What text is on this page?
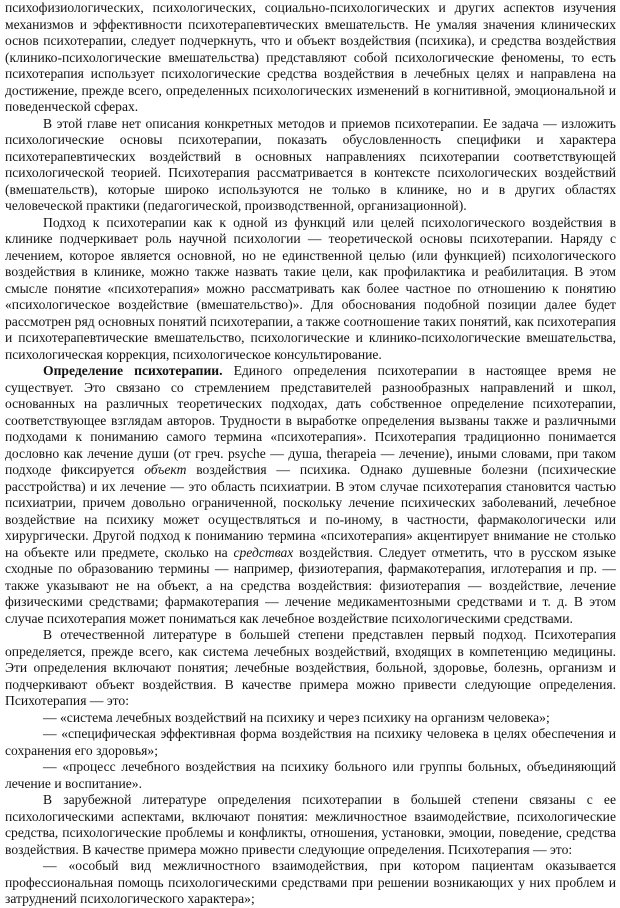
психофизиологических, психологических, социально-психологических и других аспектов изучения механизмов и эффективности психотерапевтических вмешательств. Не умаляя значения клинических основ психотерапии, следует подчеркнуть, что и объект воздействия (психика), и средства воздействия (клинико-психологические вмешательства) представляют собой психологические феномены, то есть психотерапия использует психологические средства воздействия в лечебных целях и направлена на достижение, прежде всего, определенных психологических изменений в когнитивной, эмоциональной и поведенческой сферах.

В этой главе нет описания конкретных методов и приемов психотерапии. Ее задача — изложить психологические основы психотерапии, показать обусловленность специфики и характера психотерапевтических воздействий в основных направлениях психотерапии соответствующей психологической теорией. Психотерапия рассматривается в контексте психологических воздействий (вмешательств), которые широко используются не только в клинике, но и в других областях человеческой практики (педагогической, производственной, организационной).

Подход к психотерапии как к одной из функций или целей психологического воздействия в клинике подчеркивает роль научной психологии — теоретической основы психотерапии. Наряду с лечением, которое является основной, но не единственной целью (или функцией) психологического воздействия в клинике, можно также назвать такие цели, как профилактика и реабилитация. В этом смысле понятие «психотерапия» можно рассматривать как более частное по отношению к понятию «психологическое воздействие (вмешательство)». Для обоснования подобной позиции далее будет рассмотрен ряд основных понятий психотерапии, а также соотношение таких понятий, как психотерапия и психотерапевтические вмешательство, психологические и клинико-психологические вмешательства, психологическая коррекция, психологическое консультирование.

Определение психотерапии. Единого определения психотерапии в настоящее время не существует. Это связано со стремлением представителей разнообразных направлений и школ, основанных на различных теоретических подходах, дать собственное определение психотерапии, соответствующее взглядам авторов. Трудности в выработке определения вызваны также и различными подходами к пониманию самого термина «психотерапия». Психотерапия традиционно понимается дословно как лечение души (от греч. psyche — душа, therapeia — лечение), иными словами, при таком подходе фиксируется объект воздействия — психика. Однако душевные болезни (психические расстройства) и их лечение — это область психиатрии. В этом случае психотерапия становится частью психиатрии, причем довольно ограниченной, поскольку лечение психических заболеваний, лечебное воздействие на психику может осуществляться и по-иному, в частности, фармакологически или хирургически. Другой подход к пониманию термина «психотерапия» акцентирует внимание не столько на объекте или предмете, сколько на средствах воздействия. Следует отметить, что в русском языке сходные по образованию термины — например, физиотерапия, фармакотерапия, иглотерапия и пр. — также указывают не на объект, а на средства воздействия: физиотерапия — воздействие, лечение физическими средствами; фармакотерапия — лечение медикаментозными средствами и т. д. В этом случае психотерапия может пониматься как лечебное воздействие психологическими средствами.

В отечественной литературе в большей степени представлен первый подход. Психотерапия определяется, прежде всего, как система лечебных воздействий, входящих в компетенцию медицины. Эти определения включают понятия; лечебные воздействия, больной, здоровье, болезнь, организм и подчеркивают объект воздействия. В качестве примера можно привести следующие определения. Психотерапия — это:

— «система лечебных воздействий на психику и через психику на организм человека»;

— «специфическая эффективная форма воздействия на психику человека в целях обеспечения и сохранения его здоровья»;

— «процесс лечебного воздействия на психику больного или группы больных, объединяющий лечение и воспитание».

В зарубежной литературе определения психотерапии в большей степени связаны с ее психологическими аспектами, включают понятия: межличностное взаимодействие, психологические средства, психологические проблемы и конфликты, отношения, установки, эмоции, поведение, средства воздействия. В качестве примера можно привести следующие определения. Психотерапия — это:

— «особый вид межличностного взаимодействия, при котором пациентам оказывается профессиональная помощь психологическими средствами при решении возникающих у них проблем и затруднений психологического характера»;
